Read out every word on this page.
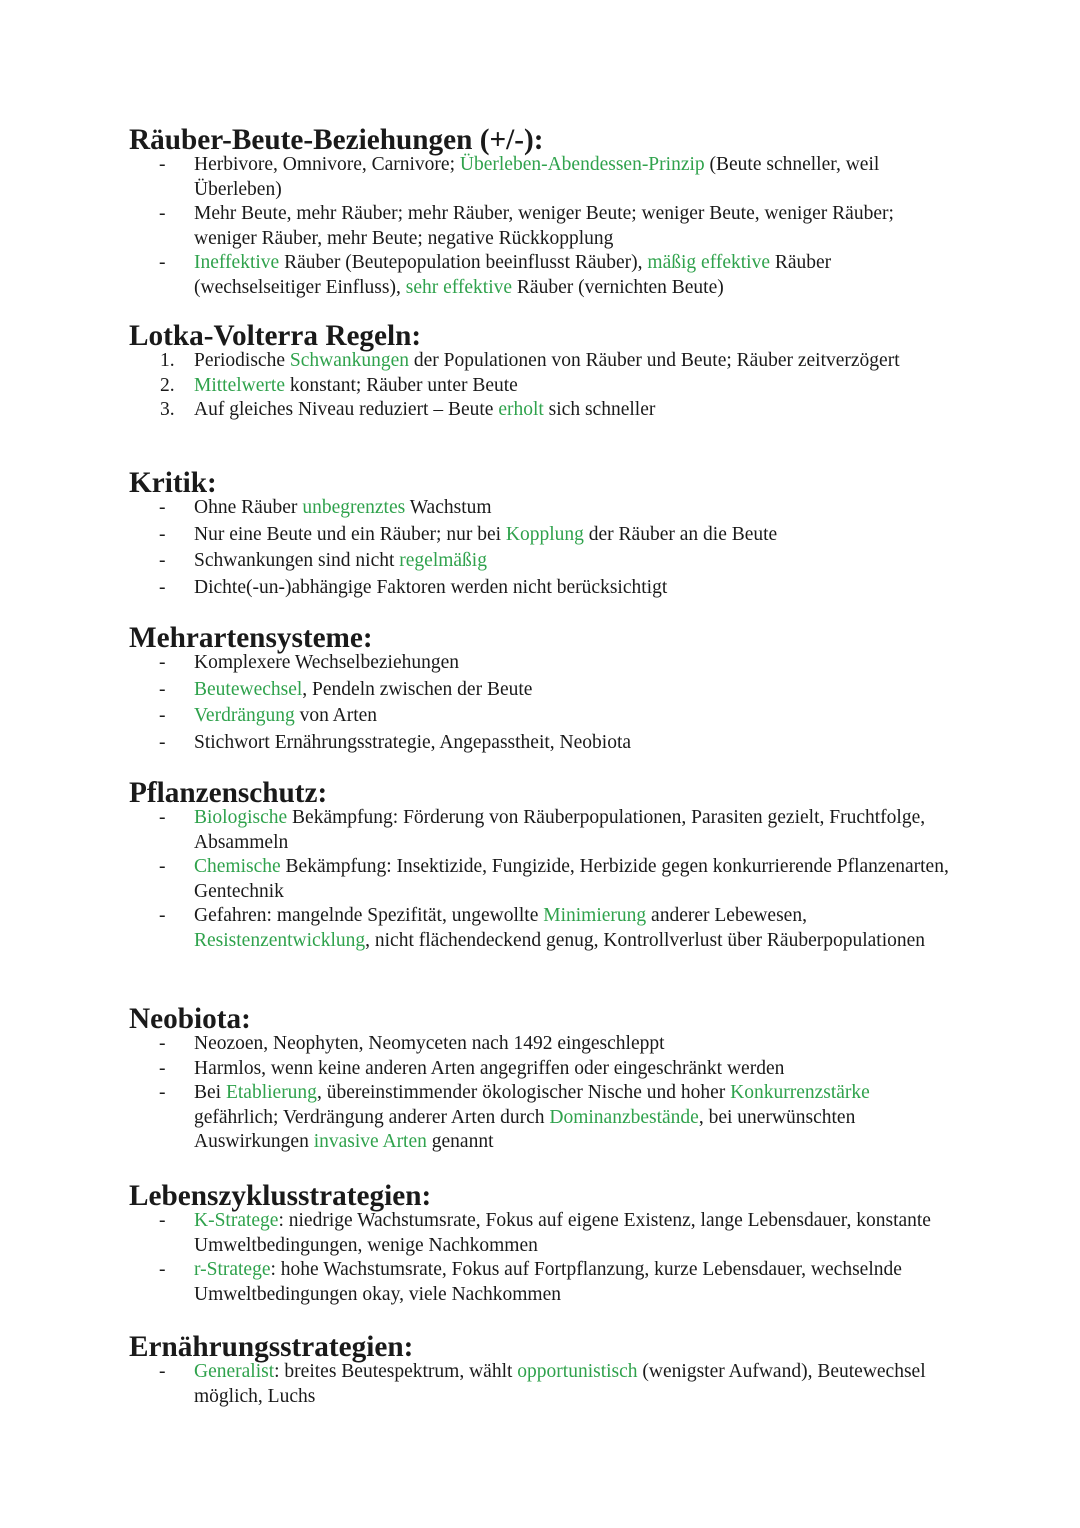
Räuber-Beute-Beziehungen (+/-):
-	Herbivore, Omnivore, Carnivore; Überleben-Abendessen-Prinzip (Beute schneller, weil Überleben)
-	Mehr Beute, mehr Räuber; mehr Räuber, weniger Beute; weniger Beute, weniger Räuber; weniger Räuber, mehr Beute; negative Rückkopplung
-	Ineffektive Räuber (Beutepopulation beeinflusst Räuber), mäßig effektive Räuber (wechselseitiger Einfluss), sehr effektive Räuber (vernichten Beute)
Lotka-Volterra Regeln:
1. Periodische Schwankungen der Populationen von Räuber und Beute; Räuber zeitverzögert
2. Mittelwerte konstant; Räuber unter Beute
3. Auf gleiches Niveau reduziert – Beute erholt sich schneller
Kritik:
-	Ohne Räuber unbegrenztes Wachstum
-	Nur eine Beute und ein Räuber; nur bei Kopplung der Räuber an die Beute
-	Schwankungen sind nicht regelmäßig
-	Dichte(-un-)abhängige Faktoren werden nicht berücksichtigt
Mehrartensysteme:
-	Komplexere Wechselbeziehungen
-	Beutewechsel, Pendeln zwischen der Beute
-	Verdrängung von Arten
-	Stichwort Ernährungsstrategie, Angepasstheit, Neobiota
Pflanzenschutz:
-	Biologische Bekämpfung: Förderung von Räuberpopulationen, Parasiten gezielt, Fruchtfolge, Absammeln
-	Chemische Bekämpfung: Insektizide, Fungizide, Herbizide gegen konkurrierende Pflanzenarten, Gentechnik
-	Gefahren: mangelnde Spezifität, ungewollte Minimierung anderer Lebewesen, Resistenzentwicklung, nicht flächendeckend genug, Kontrollverlust über Räuberpopulationen
Neobiota:
-	Neozoen, Neophyten, Neomyceten nach 1492 eingeschleppt
-	Harmlos, wenn keine anderen Arten angegriffen oder eingeschränkt werden
-	Bei Etablierung, übereinstimmender ökologischer Nische und hoher Konkurrenzstärke gefährlich; Verdrängung anderer Arten durch Dominanzbestände, bei unerwünschten Auswirkungen invasive Arten genannt
Lebenszyklusstrategien:
-	K-Stratege: niedrige Wachstumsrate, Fokus auf eigene Existenz, lange Lebensdauer, konstante Umweltbedingungen, wenige Nachkommen
-	r-Stratege: hohe Wachstumsrate, Fokus auf Fortpflanzung, kurze Lebensdauer, wechselnde Umweltbedingungen okay, viele Nachkommen
Ernährungsstrategien:
-	Generalist: breites Beutespektrum, wählt opportunistisch (wenigster Aufwand), Beutewechsel möglich, Luchs
